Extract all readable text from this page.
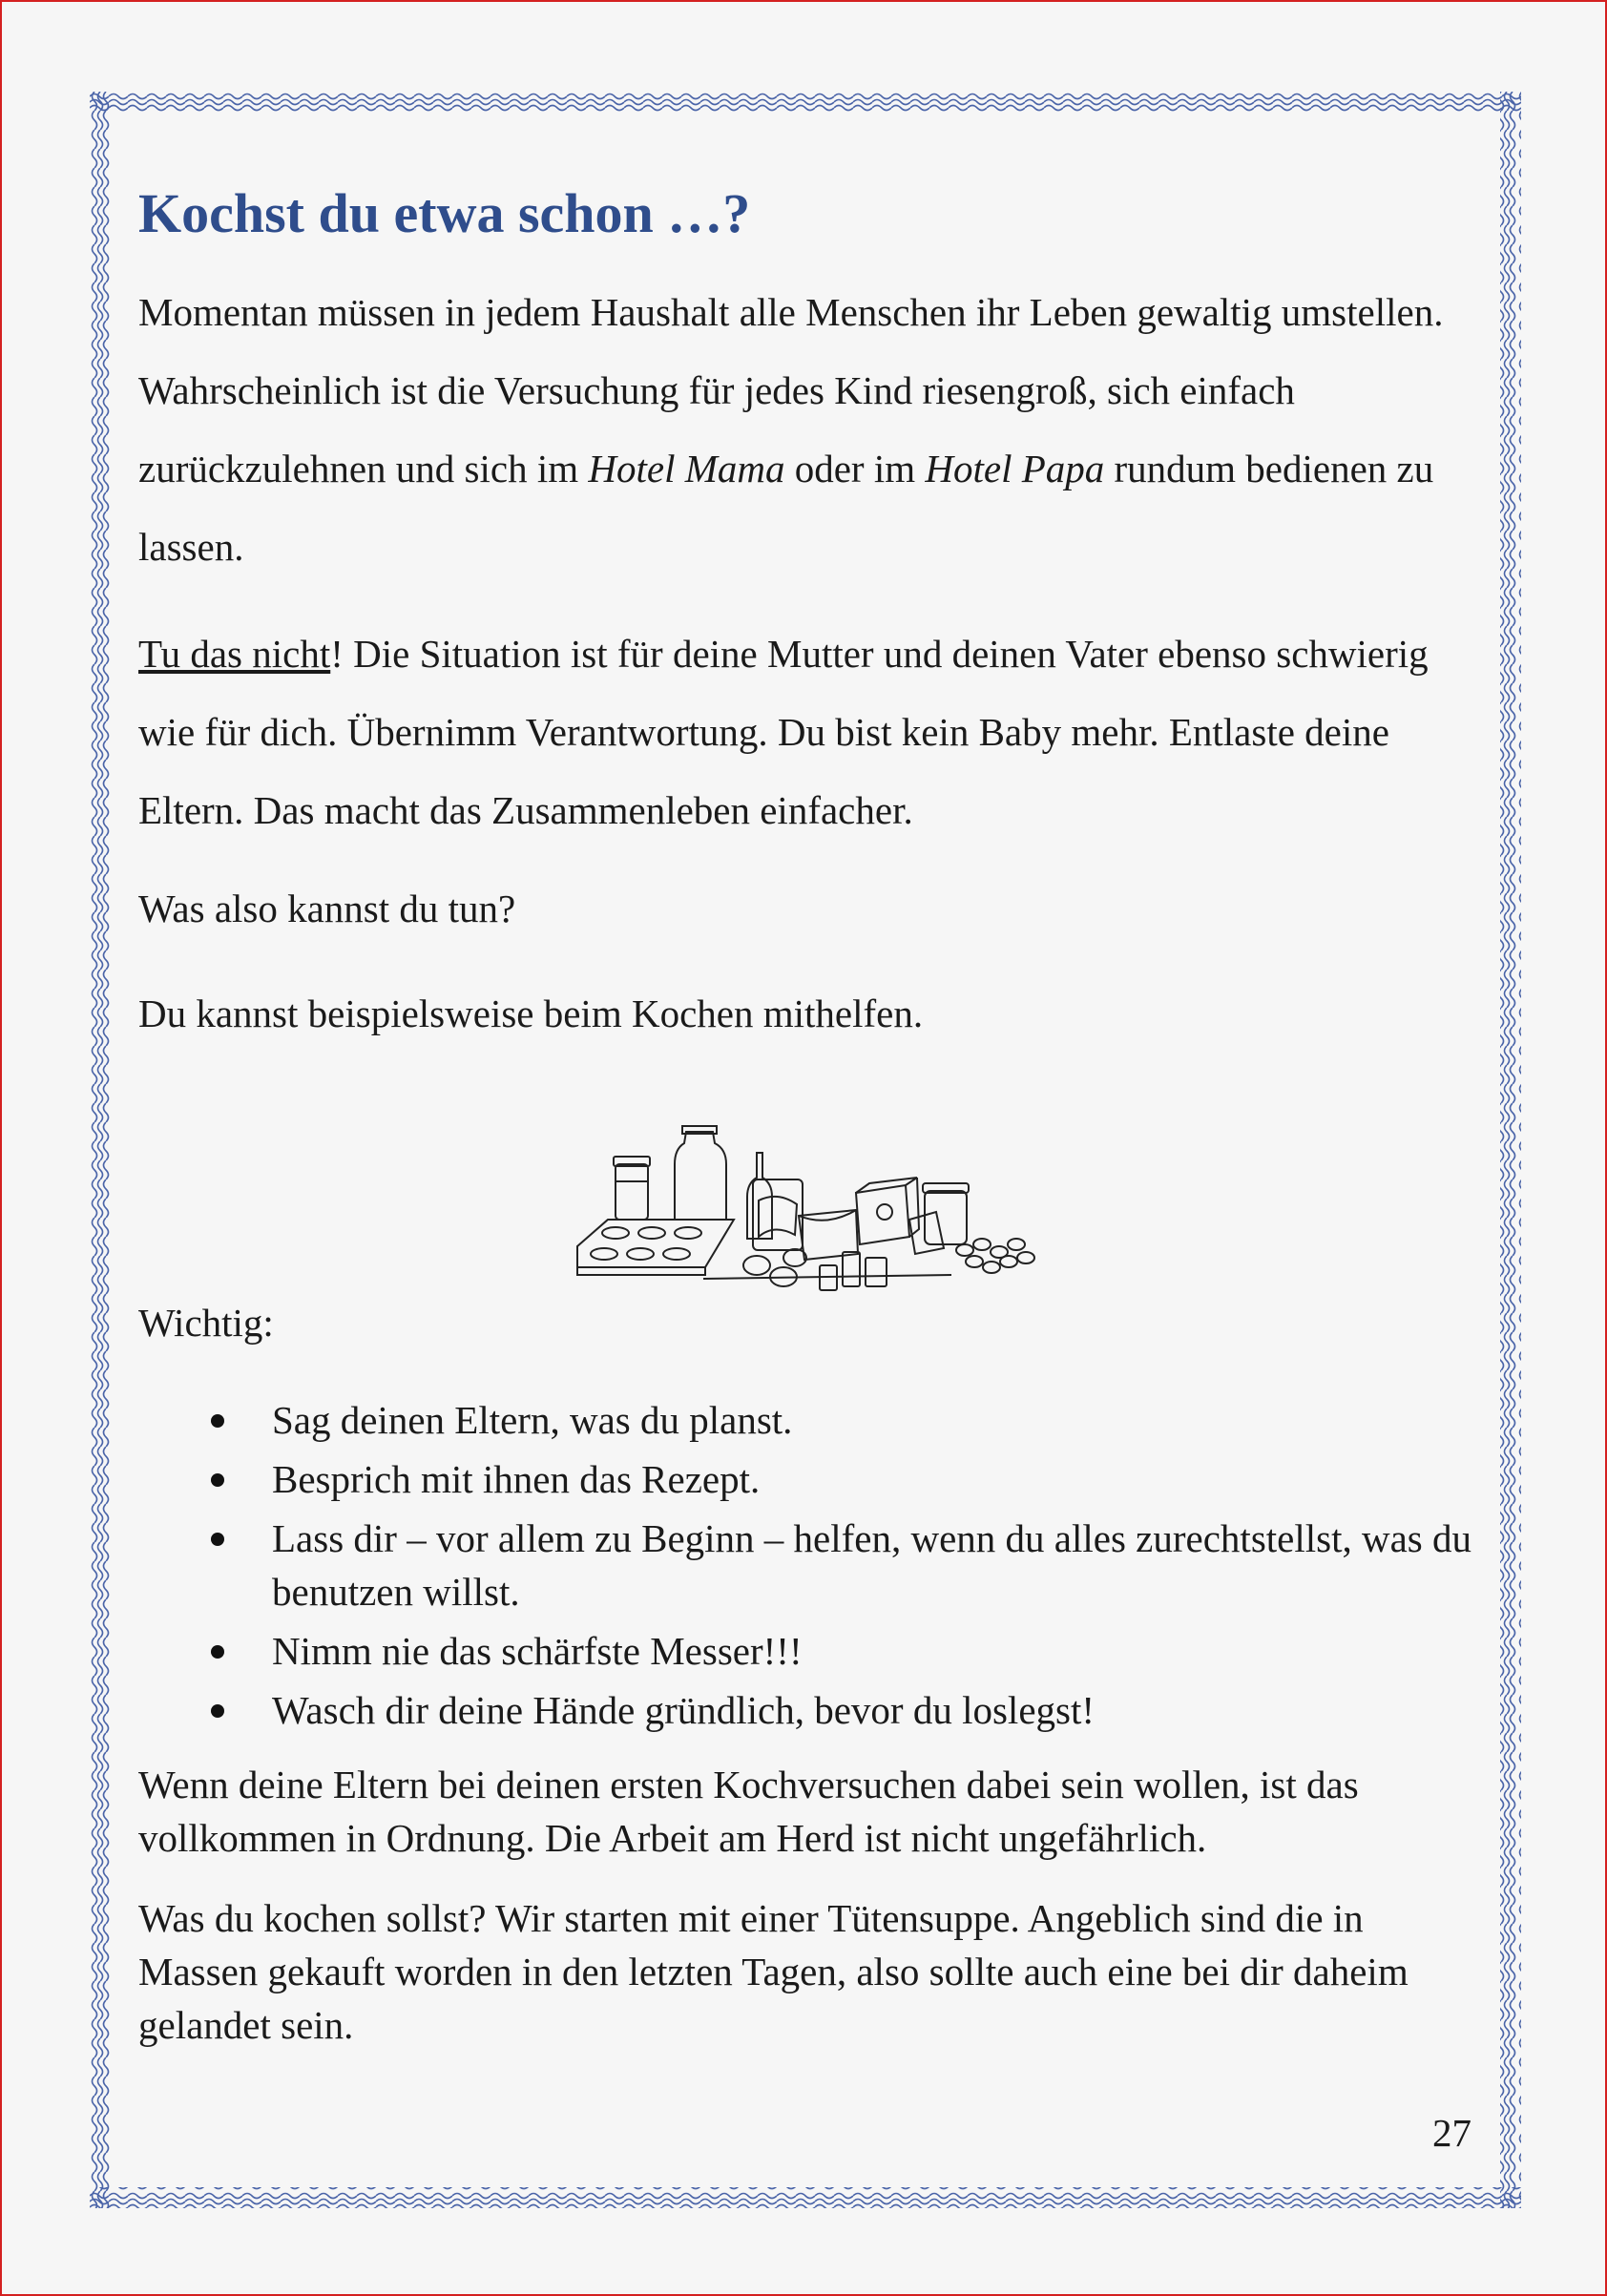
Kochst du etwa schon …?

Momentan müssen in jedem Haushalt alle Menschen ihr Leben gewaltig umstellen. Wahrscheinlich ist die Versuchung für jedes Kind riesengroß, sich einfach zurückzulehnen und sich im Hotel Mama oder im Hotel Papa rundum bedienen zu lassen.

Tu das nicht! Die Situation ist für deine Mutter und deinen Vater ebenso schwierig wie für dich. Übernimm Verantwortung. Du bist kein Baby mehr. Entlaste deine Eltern. Das macht das Zusammenleben einfacher.

Was also kannst du tun?

Du kannst beispielsweise beim Kochen mithelfen.

Wichtig:

Sag deinen Eltern, was du planst.
Besprich mit ihnen das Rezept.
Lass dir – vor allem zu Beginn – helfen, wenn du alles zurechtstellst, was du benutzen willst.
Nimm nie das schärfste Messer!!!
Wasch dir deine Hände gründlich, bevor du loslegst!

Wenn deine Eltern bei deinen ersten Kochversuchen dabei sein wollen, ist das vollkommen in Ordnung. Die Arbeit am Herd ist nicht ungefährlich.

Was du kochen sollst? Wir starten mit einer Tütensuppe. Angeblich sind die in Massen gekauft worden in den letzten Tagen, also sollte auch eine bei dir daheim gelandet sein.

27
